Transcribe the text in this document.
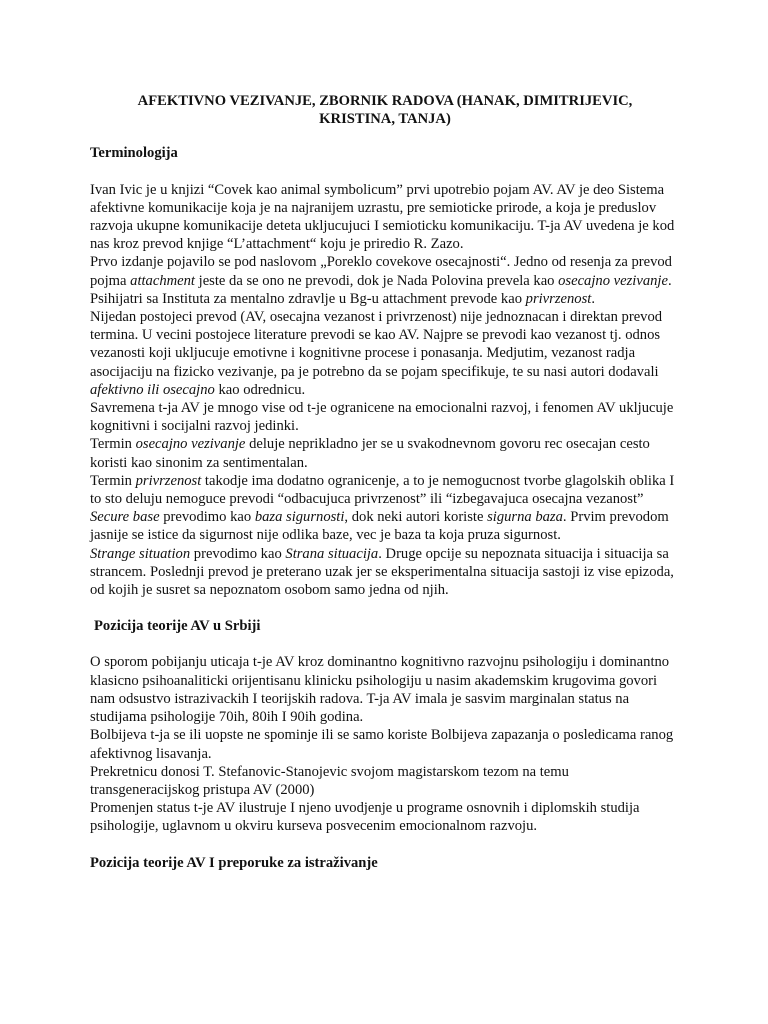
AFEKTIVNO VEZIVANJE, ZBORNIK RADOVA (HANAK, DIMITRIJEVIC, KRISTINA, TANJA)
Terminologija

Ivan Ivic je u knjizi “Covek kao animal symbolicum” prvi upotrebio pojam AV. AV je deo Sistema afektivne komunikacije koja je na najranijem uzrastu, pre semioticke prirode, a koja je preduslov razvoja ukupne komunikacije deteta ukljucujuci I semioticku komunikaciju. T-ja AV uvedena je kod nas kroz prevod knjige “L’attachment“ koju je priredio R. Zazo.

Prvo izdanje pojavilo se pod naslovom „Poreklo covekove osecajnosti“. Jedno od resenja za prevod pojma attachment jeste da se ono ne prevodi, dok je Nada Polovina prevela kao osecajno vezivanje. Psihijatri sa Instituta za mentalno zdravlje u Bg-u attachment prevode kao privrzenost.

Nijedan postojeci prevod (AV, osecajna vezanost i privrzenost) nije jednoznacan i direktan prevod termina. U vecini postojece literature prevodi se kao AV. Najpre se prevodi kao vezanost tj. odnos vezanosti koji ukljucuje emotivne i kognitivne procese i ponasanja. Medjutim, vezanost radja asocijaciju na fizicko vezivanje, pa je potrebno da se pojam specifikuje, te su nasi autori dodavali afektivno ili osecajno kao odrednicu.

Savremena t-ja AV je mnogo vise od t-je ogranicene na emocionalni razvoj, i fenomen AV ukljucuje kognitivni i socijalni razvoj jedinki.

Termin osecajno vezivanje deluje neprikladno jer se u svakodnevnom govoru rec osecajan cesto koristi kao sinonim za sentimentalan.

Termin privrzenost takodje ima dodatno ogranicenje, a to je nemogucnost tvorbe glagolskih oblika I to sto deluju nemoguce prevodi “odbacujuca privrzenost” ili “izbegavajuca osecajna vezanost”

Secure base prevodimo kao baza sigurnosti, dok neki autori koriste sigurna baza. Prvim prevodom jasnije se istice da sigurnost nije odlika baze, vec je baza ta koja pruza sigurnost.

Strange situation prevodimo kao Strana situacija. Druge opcije su nepoznata situacija i situacija sa strancem. Poslednji prevod je preterano uzak jer se eksperimentalna situacija sastoji iz vise epizoda, od kojih je susret sa nepoznatom osobom samo jedna od njih.

Pozicija teorije AV u Srbiji

O sporom pobijanju uticaja t-je AV kroz dominantno kognitivno razvojnu psihologiju i dominantno klasicno psihoanaliticki orijentisanu klinicku psihologiju u nasim akademskim krugovima govori nam odsustvo istrazivackih I teorijskih radova. T-ja AV imala je sasvim marginalan status na studijama psihologije 70ih, 80ih I 90ih godina.

Bolbijeva t-ja se ili uopste ne spominje ili se samo koriste Bolbijeva zapazanja o posledicama ranog afektivnog lisavanja.

Prekretnicu donosi T. Stefanovic-Stanojevic svojom magistarskom tezom na temu transgeneracijskog pristupa AV (2000)

Promenjen status t-je AV ilustruje I njeno uvodjenje u programe osnovnih i diplomskih studija psihologije, uglavnom u okviru kurseva posvecenim emocionalnom razvoju.

Pozicija teorije AV I preporuke za istraživanje
